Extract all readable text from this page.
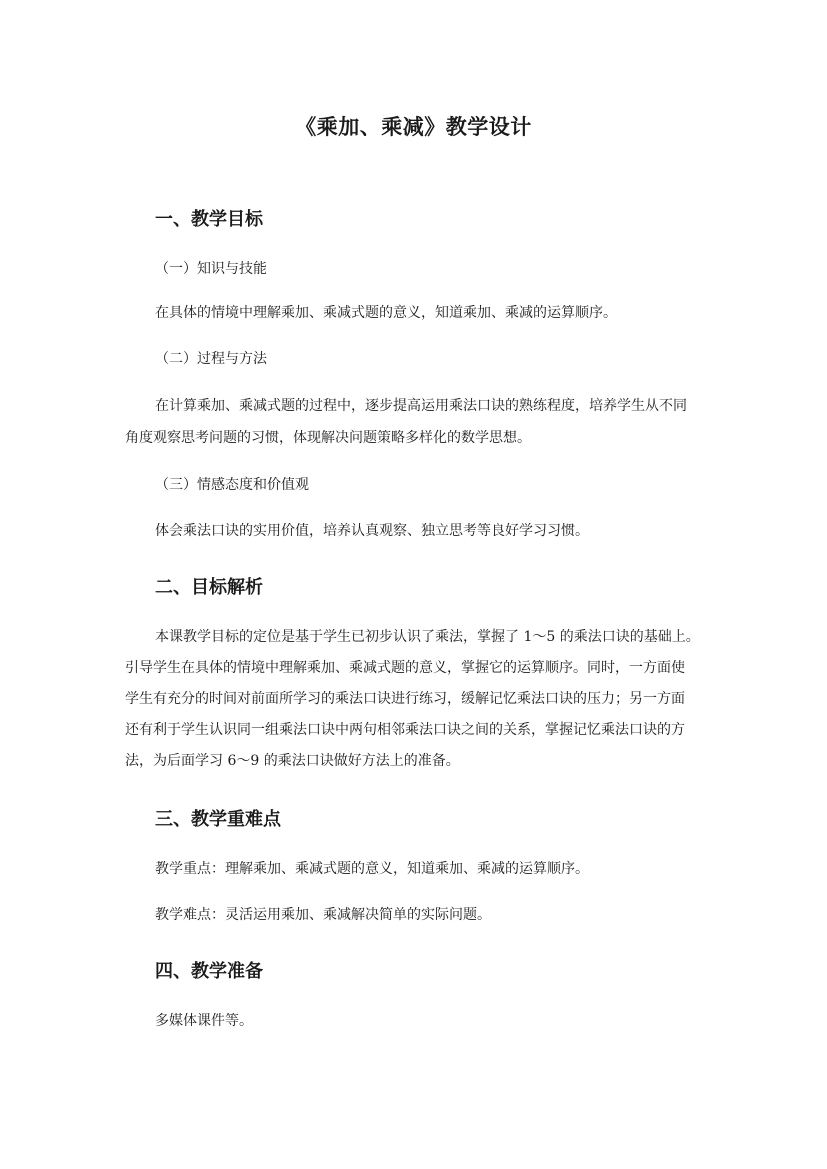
《乘加、乘减》教学设计
一、教学目标

（一）知识与技能

在具体的情境中理解乘加、乘减式题的意义，知道乘加、乘减的运算顺序。

（二）过程与方法

在计算乘加、乘减式题的过程中，逐步提高运用乘法口诀的熟练程度，培养学生从不同

角度观察思考问题的习惯，体现解决问题策略多样化的数学思想。

（三）情感态度和价值观

体会乘法口诀的实用价值，培养认真观察、独立思考等良好学习习惯。

二、目标解析

本课教学目标的定位是基于学生已初步认识了乘法，掌握了 1～5 的乘法口诀的基础上。

引导学生在具体的情境中理解乘加、乘减式题的意义，掌握它的运算顺序。同时，一方面使

学生有充分的时间对前面所学习的乘法口诀进行练习，缓解记忆乘法口诀的压力；另一方面

还有利于学生认识同一组乘法口诀中两句相邻乘法口诀之间的关系，掌握记忆乘法口诀的方

法，为后面学习 6～9 的乘法口诀做好方法上的准备。

三、教学重难点

教学重点：理解乘加、乘减式题的意义，知道乘加、乘减的运算顺序。

教学难点：灵活运用乘加、乘减解决简单的实际问题。

四、教学准备

多媒体课件等。
